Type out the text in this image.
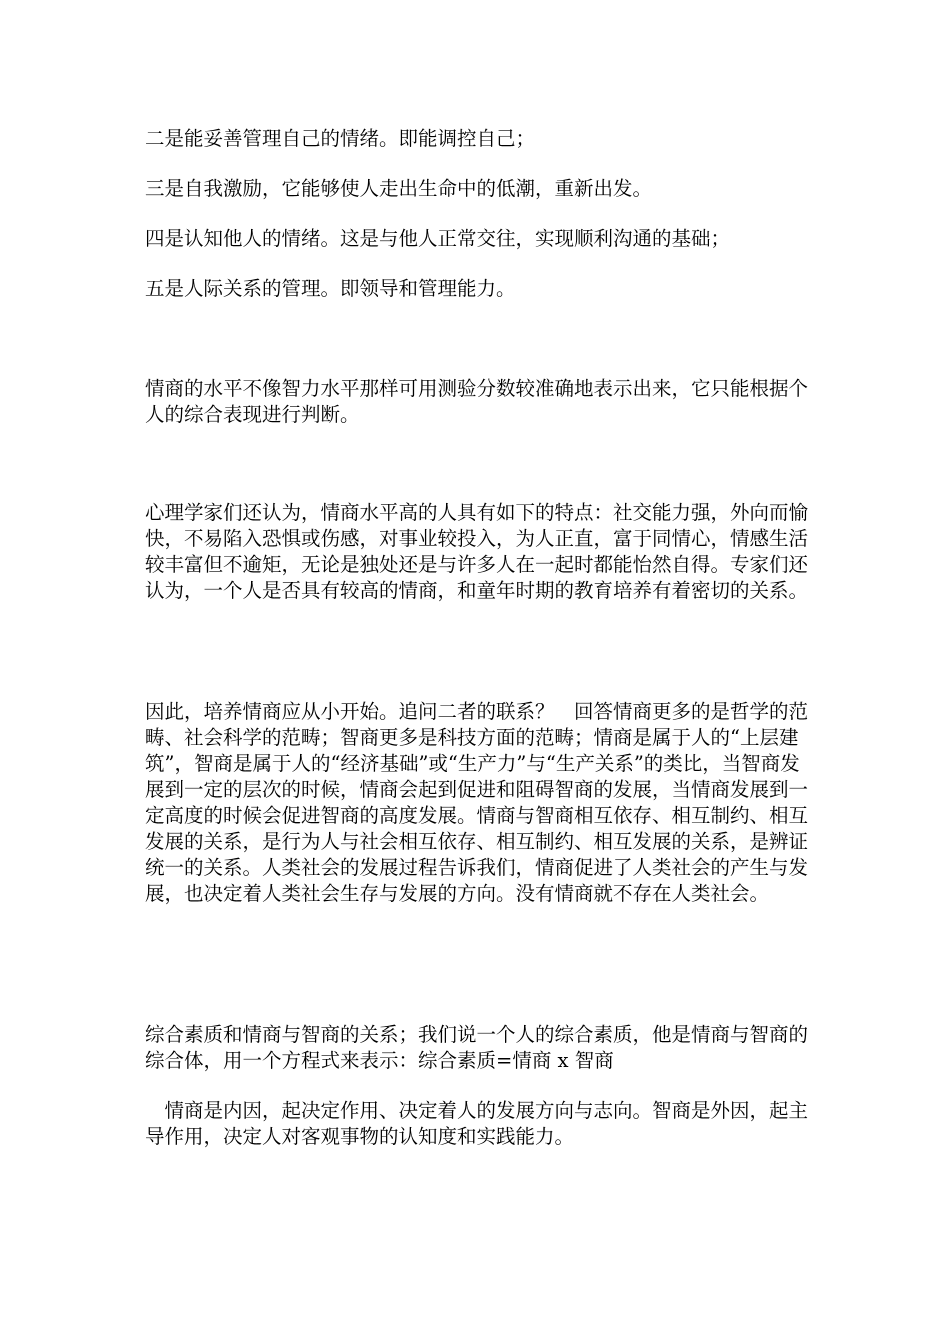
二是能妥善管理自己的情绪。即能调控自己；

三是自我激励，它能够使人走出生命中的低潮，重新出发。

四是认知他人的情绪。这是与他人正常交往，实现顺利沟通的基础；

五是人际关系的管理。即领导和管理能力。

情商的水平不像智力水平那样可用测验分数较准确地表示出来，它只能根据个人的综合表现进行判断。

心理学家们还认为，情商水平高的人具有如下的特点：社交能力强，外向而愉快，不易陷入恐惧或伤感，对事业较投入，为人正直，富于同情心，情感生活较丰富但不逾矩，无论是独处还是与许多人在一起时都能怡然自得。专家们还认为，一个人是否具有较高的情商，和童年时期的教育培养有着密切的关系。

因此，培养情商应从小开始。追问二者的联系？　回答情商更多的是哲学的范畴、社会科学的范畴；智商更多是科技方面的范畴；情商是属于人的“上层建筑”，智商是属于人的“经济基础”或“生产力”与“生产关系”的类比，当智商发展到一定的层次的时候，情商会起到促进和阻碍智商的发展，当情商发展到一定高度的时候会促进智商的高度发展。情商与智商相互依存、相互制约、相互发展的关系，是行为人与社会相互依存、相互制约、相互发展的关系，是辨证统一的关系。人类社会的发展过程告诉我们，情商促进了人类社会的产生与发展，也决定着人类社会生存与发展的方向。没有情商就不存在人类社会。

综合素质和情商与智商的关系；我们说一个人的综合素质，他是情商与智商的综合体，用一个方程式来表示：综合素质=情商 x 智商

　情商是内因，起决定作用、决定着人的发展方向与志向。智商是外因，起主导作用，决定人对客观事物的认知度和实践能力。
